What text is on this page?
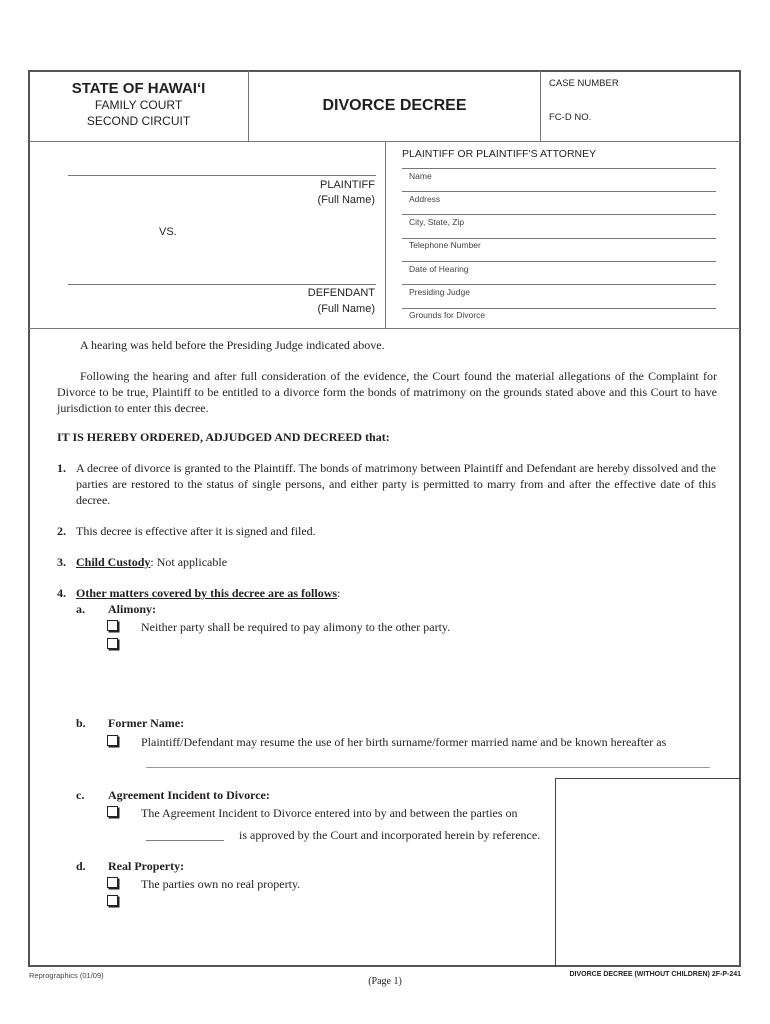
STATE OF HAWAIʻI
FAMILY COURT
SECOND CIRCUIT
DIVORCE DECREE
CASE NUMBER
FC-D NO.
PLAINTIFF
(Full Name)
VS.
DEFENDANT
(Full Name)
PLAINTIFF OR PLAINTIFF'S ATTORNEY
Name
Address
City, State, Zip
Telephone Number
Date of Hearing
Presiding Judge
Grounds for Divorce
A hearing was held before the Presiding Judge indicated above.
Following the hearing and after full consideration of the evidence, the Court found the material allegations of the Complaint for Divorce to be true, Plaintiff to be entitled to a divorce form the bonds of matrimony on the grounds stated above and this Court to have jurisdiction to enter this decree.
IT IS HEREBY ORDERED, ADJUDGED AND DECREED that:
1. A decree of divorce is granted to the Plaintiff. The bonds of matrimony between Plaintiff and Defendant are hereby dissolved and the parties are restored to the status of single persons, and either party is permitted to marry from and after the effective date of this decree.
2. This decree is effective after it is signed and filed.
3. Child Custody: Not applicable
4. Other matters covered by this decree are as follows:
a. Alimony:
Neither party shall be required to pay alimony to the other party.
b. Former Name:
Plaintiff/Defendant may resume the use of her birth surname/former married name and be known hereafter as
c. Agreement Incident to Divorce:
The Agreement Incident to Divorce entered into by and between the parties on
_____________ is approved by the Court and incorporated herein by reference.
d. Real Property:
The parties own no real property.
Reprographics (01/09)
(Page 1)
DIVORCE DECREE (WITHOUT CHILDREN) 2F-P-241
